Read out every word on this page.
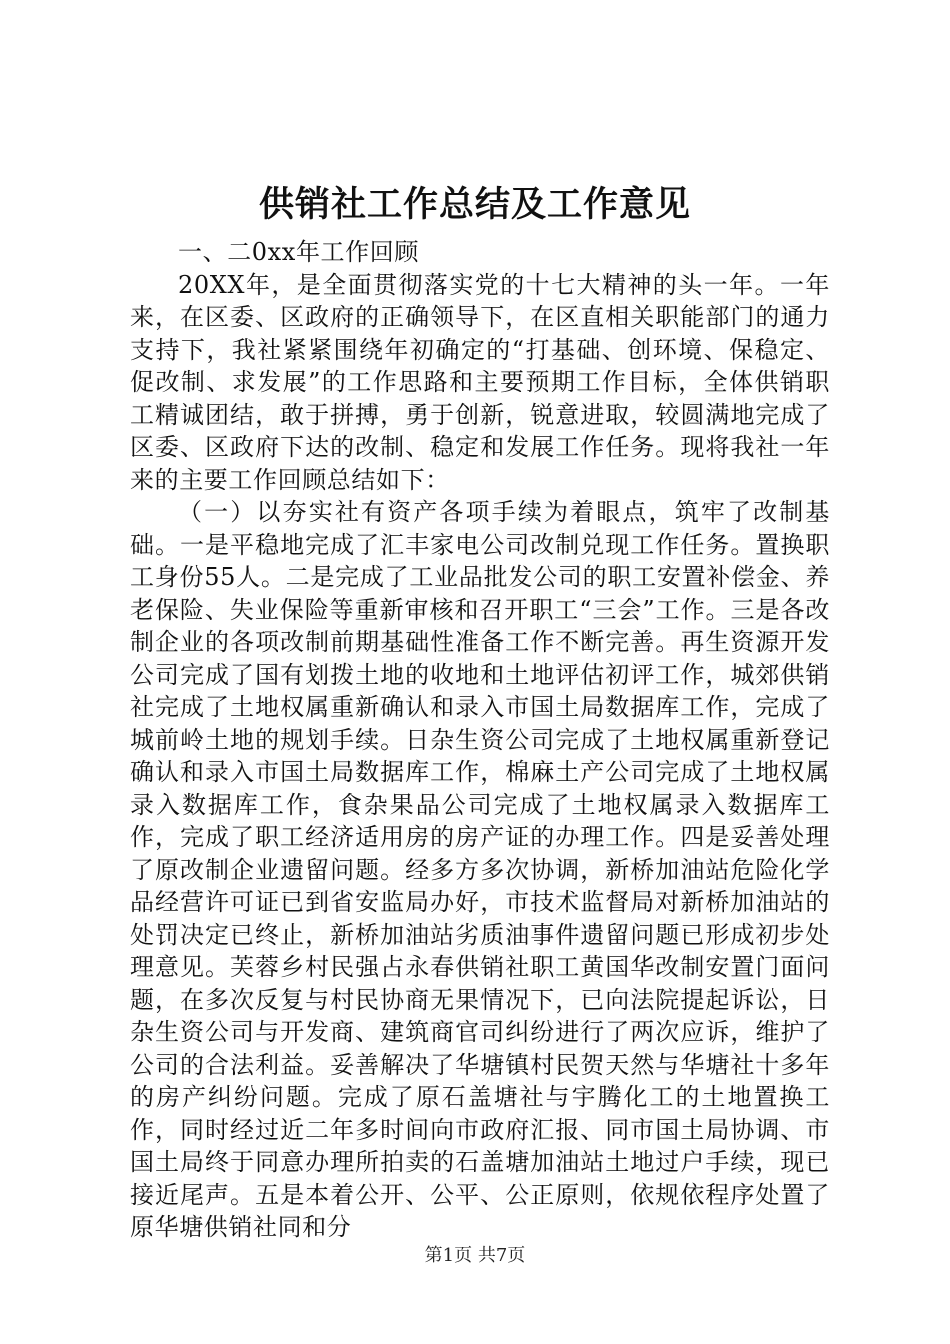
供销社工作总结及工作意见

一、二0xx年工作回顾

20XX年，是全面贯彻落实党的十七大精神的头一年。一年来，在区委、区政府的正确领导下，在区直相关职能部门的通力支持下，我社紧紧围绕年初确定的“打基础、创环境、保稳定、促改制、求发展”的工作思路和主要预期工作目标，全体供销职工精诚团结，敢于拼搏，勇于创新，锐意进取，较圆满地完成了区委、区政府下达的改制、稳定和发展工作任务。现将我社一年来的主要工作回顾总结如下：

（一）以夯实社有资产各项手续为着眼点，筑牢了改制基础。一是平稳地完成了汇丰家电公司改制兑现工作任务。置换职工身份55人。二是完成了工业品批发公司的职工安置补偿金、养老保险、失业保险等重新审核和召开职工“三会”工作。三是各改制企业的各项改制前期基础性准备工作不断完善。再生资源开发公司完成了国有划拨土地的收地和土地评估初评工作，城郊供销社完成了土地权属重新确认和录入市国土局数据库工作，完成了城前岭土地的规划手续。日杂生资公司完成了土地权属重新登记确认和录入市国土局数据库工作，棉麻土产公司完成了土地权属录入数据库工作，食杂果品公司完成了土地权属录入数据库工作，完成了职工经济适用房的房产证的办理工作。四是妥善处理了原改制企业遗留问题。经多方多次协调，新桥加油站危险化学品经营许可证已到省安监局办好，市技术监督局对新桥加油站的处罚决定已终止，新桥加油站劣质油事件遗留问题已形成初步处理意见。芙蓉乡村民强占永春供销社职工黄国华改制安置门面问题，在多次反复与村民协商无果情况下，已向法院提起诉讼，日杂生资公司与开发商、建筑商官司纠纷进行了两次应诉，维护了公司的合法利益。妥善解决了华塘镇村民贺天然与华塘社十多年的房产纠纷问题。完成了原石盖塘社与宇腾化工的土地置换工作，同时经过近二年多时间向市政府汇报、同市国土局协调、市国土局终于同意办理所拍卖的石盖塘加油站土地过户手续，现已接近尾声。五是本着公开、公平、公正原则，依规依程序处置了原华塘供销社同和分

第1页 共7页
